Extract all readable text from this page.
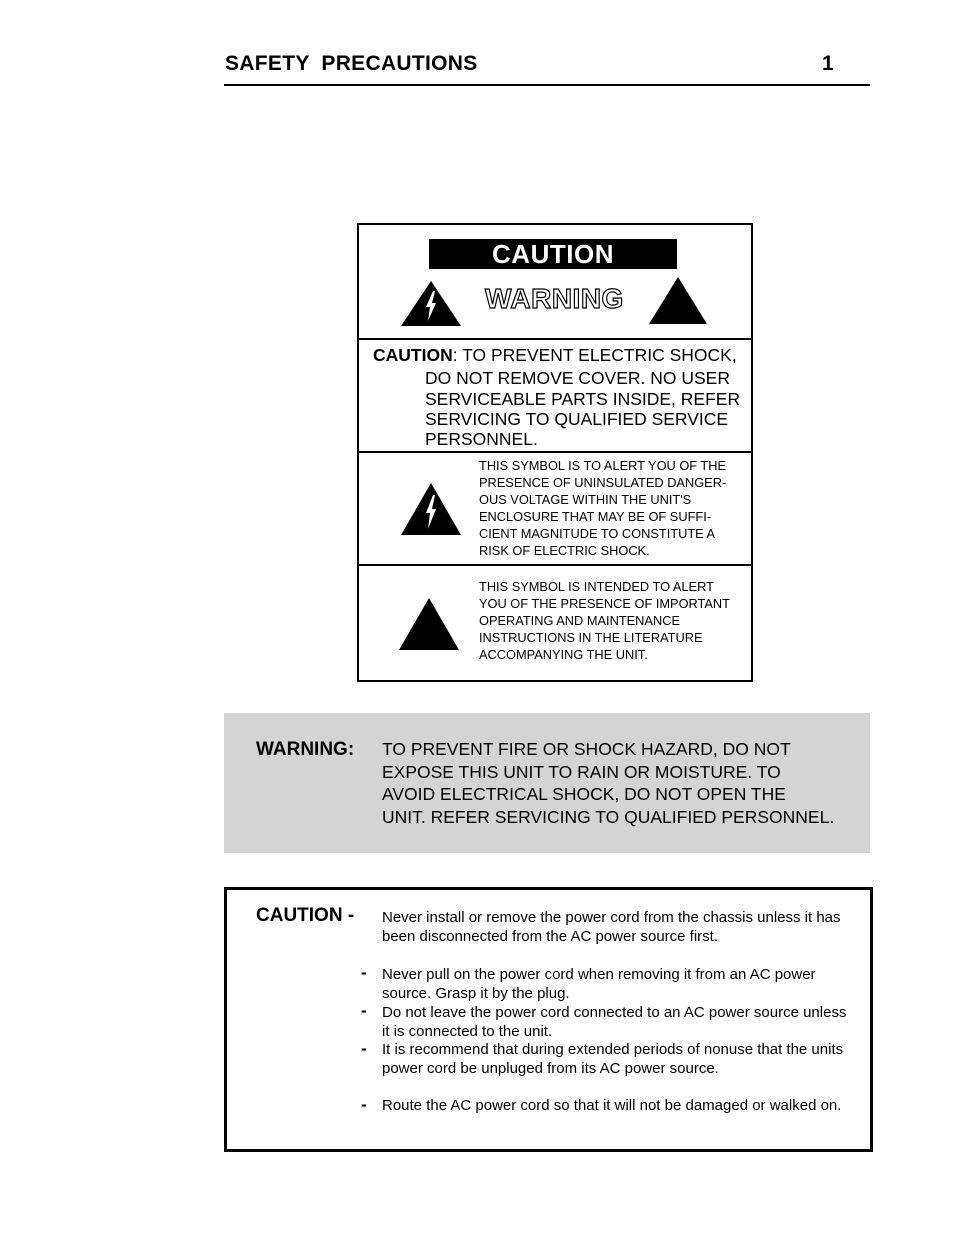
SAFETY PRECAUTIONS	1
CAUTION
WARNING
CAUTION: TO PREVENT ELECTRIC SHOCK,
DO NOT REMOVE COVER. NO USER
SERVICEABLE PARTS INSIDE, REFER
SERVICING TO QUALIFIED SERVICE
PERSONNEL.
THIS SYMBOL IS TO ALERT YOU OF THE
PRESENCE OF UNINSULATED DANGER-
OUS VOLTAGE WITHIN THE UNIT'S
ENCLOSURE THAT MAY BE OF SUFFI-
CIENT MAGNITUDE TO CONSTITUTE A
RISK OF ELECTRIC SHOCK.
THIS SYMBOL IS INTENDED TO ALERT
YOU OF THE PRESENCE OF IMPORTANT
OPERATING AND MAINTENANCE
INSTRUCTIONS IN THE LITERATURE
ACCOMPANYING THE UNIT.
WARNING: TO PREVENT FIRE OR SHOCK HAZARD, DO NOT
EXPOSE THIS UNIT TO RAIN OR MOISTURE. TO
AVOID ELECTRICAL SHOCK, DO NOT OPEN THE
UNIT. REFER SERVICING TO QUALIFIED PERSONNEL.
CAUTION - Never install or remove the power cord from the chassis unless it has been disconnected from the AC power source first.
- Never pull on the power cord when removing it from an AC power source. Grasp it by the plug.
- Do not leave the power cord connected to an AC power source unless it is connected to the unit.
- It is recommend that during extended periods of nonuse that the units power cord be unpluged from its AC power source.
- Route the AC power cord so that it will not be damaged or walked on.
